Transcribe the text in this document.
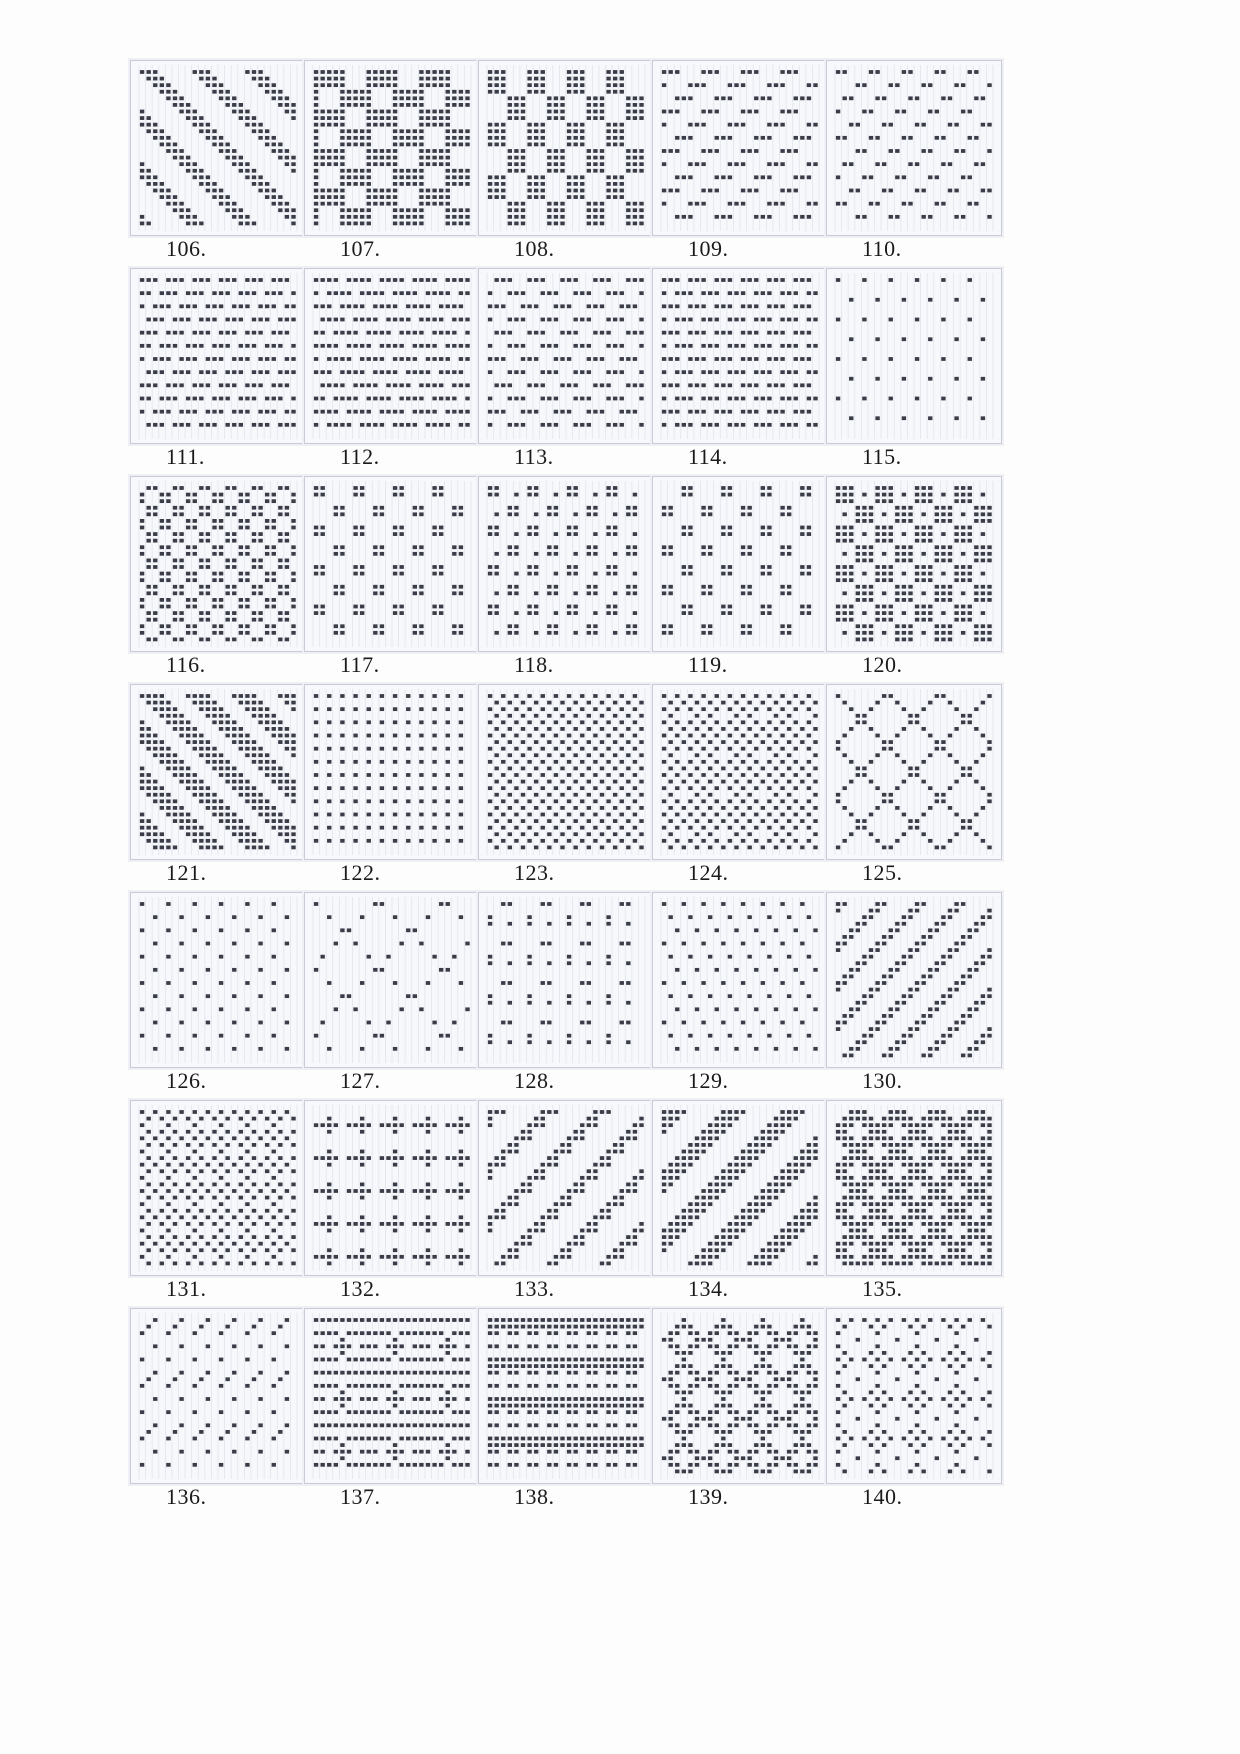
106.	107.	108.	109.	110.
111.	112.	113.	114.	115.
116.	117.	118.	119.	120.
121.	122.	123.	124.	125.
126.	127.	128.	129.	130.
131.	132.	133.	134.	135.
136.	137.	138.	139.	140.
